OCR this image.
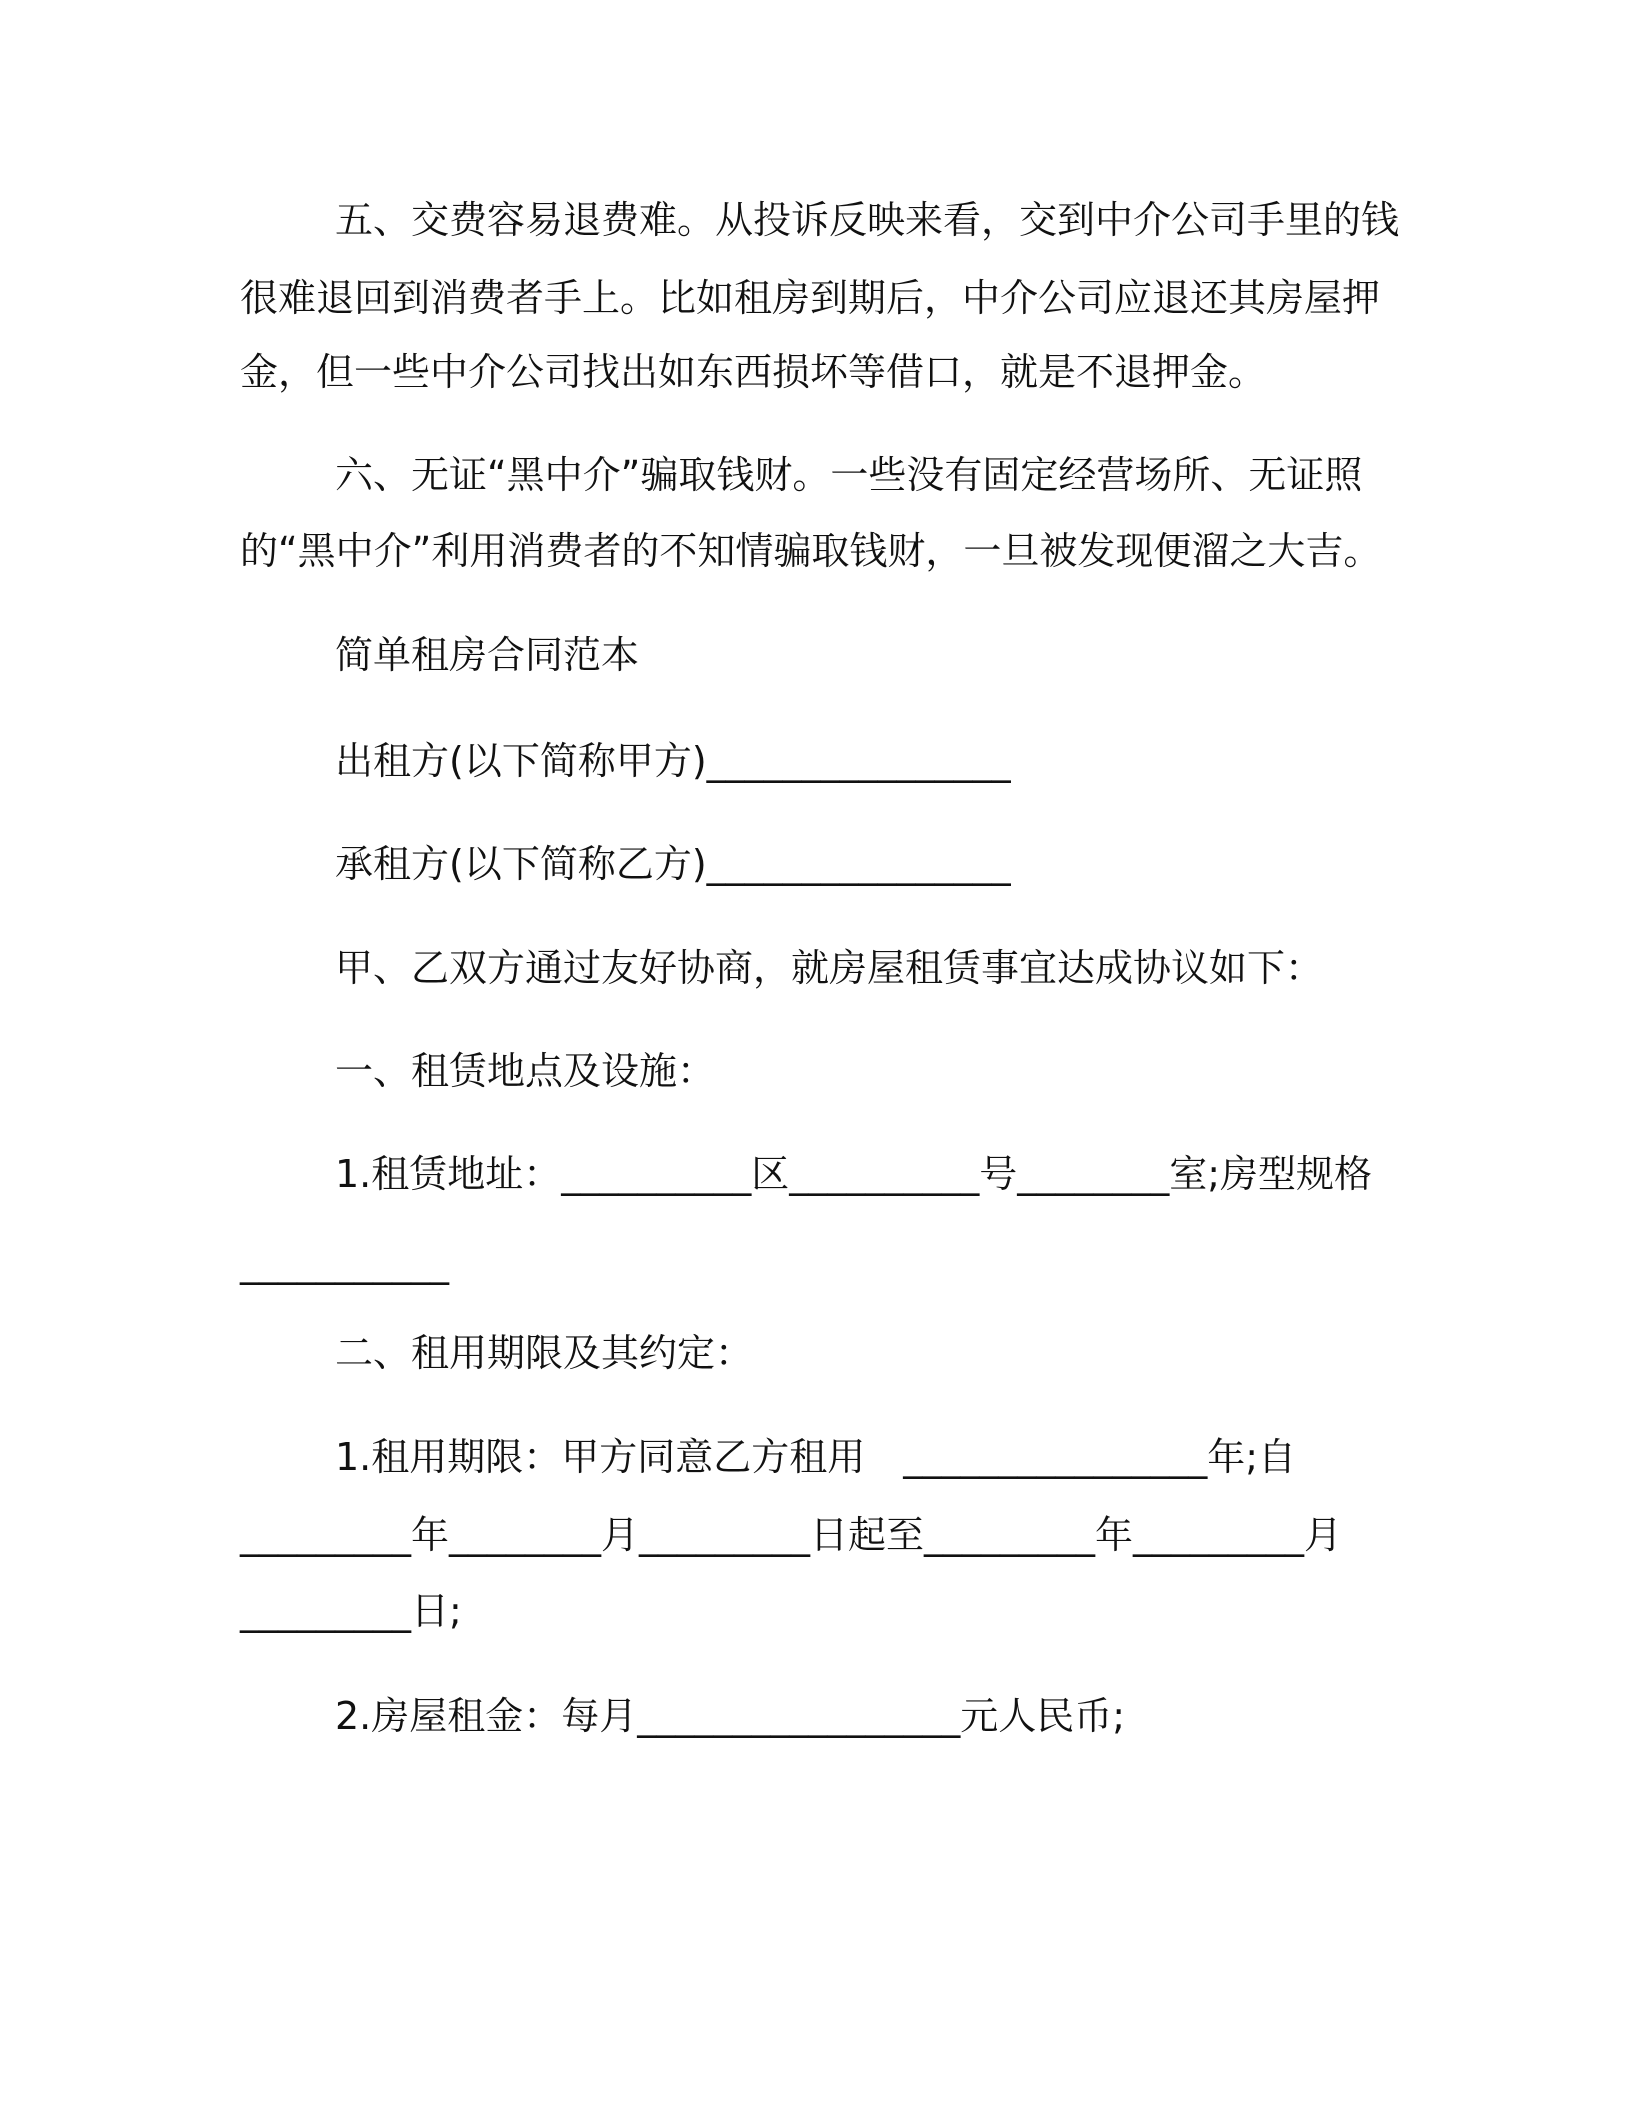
五、交费容易退费难。从投诉反映来看，交到中介公司手里的钱
很难退回到消费者手上。比如租房到期后，中介公司应退还其房屋押
金，但一些中介公司找出如东西损坏等借口，就是不退押金。
六、无证“黑中介”骗取钱财。一些没有固定经营场所、无证照
的“黑中介”利用消费者的不知情骗取钱财，一旦被发现便溜之大吉。
简单租房合同范本
出租方(以下简称甲方)________________
承租方(以下简称乙方)________________
甲、乙双方通过友好协商，就房屋租赁事宜达成协议如下：
一、租赁地点及设施：
1.租赁地址：__________区__________号________室;房型规格
___________
二、租用期限及其约定：
1.租用期限：甲方同意乙方租用　________________年;自
_________年________月_________日起至_________年_________月
_________日;
2.房屋租金：每月_________________元人民币;
